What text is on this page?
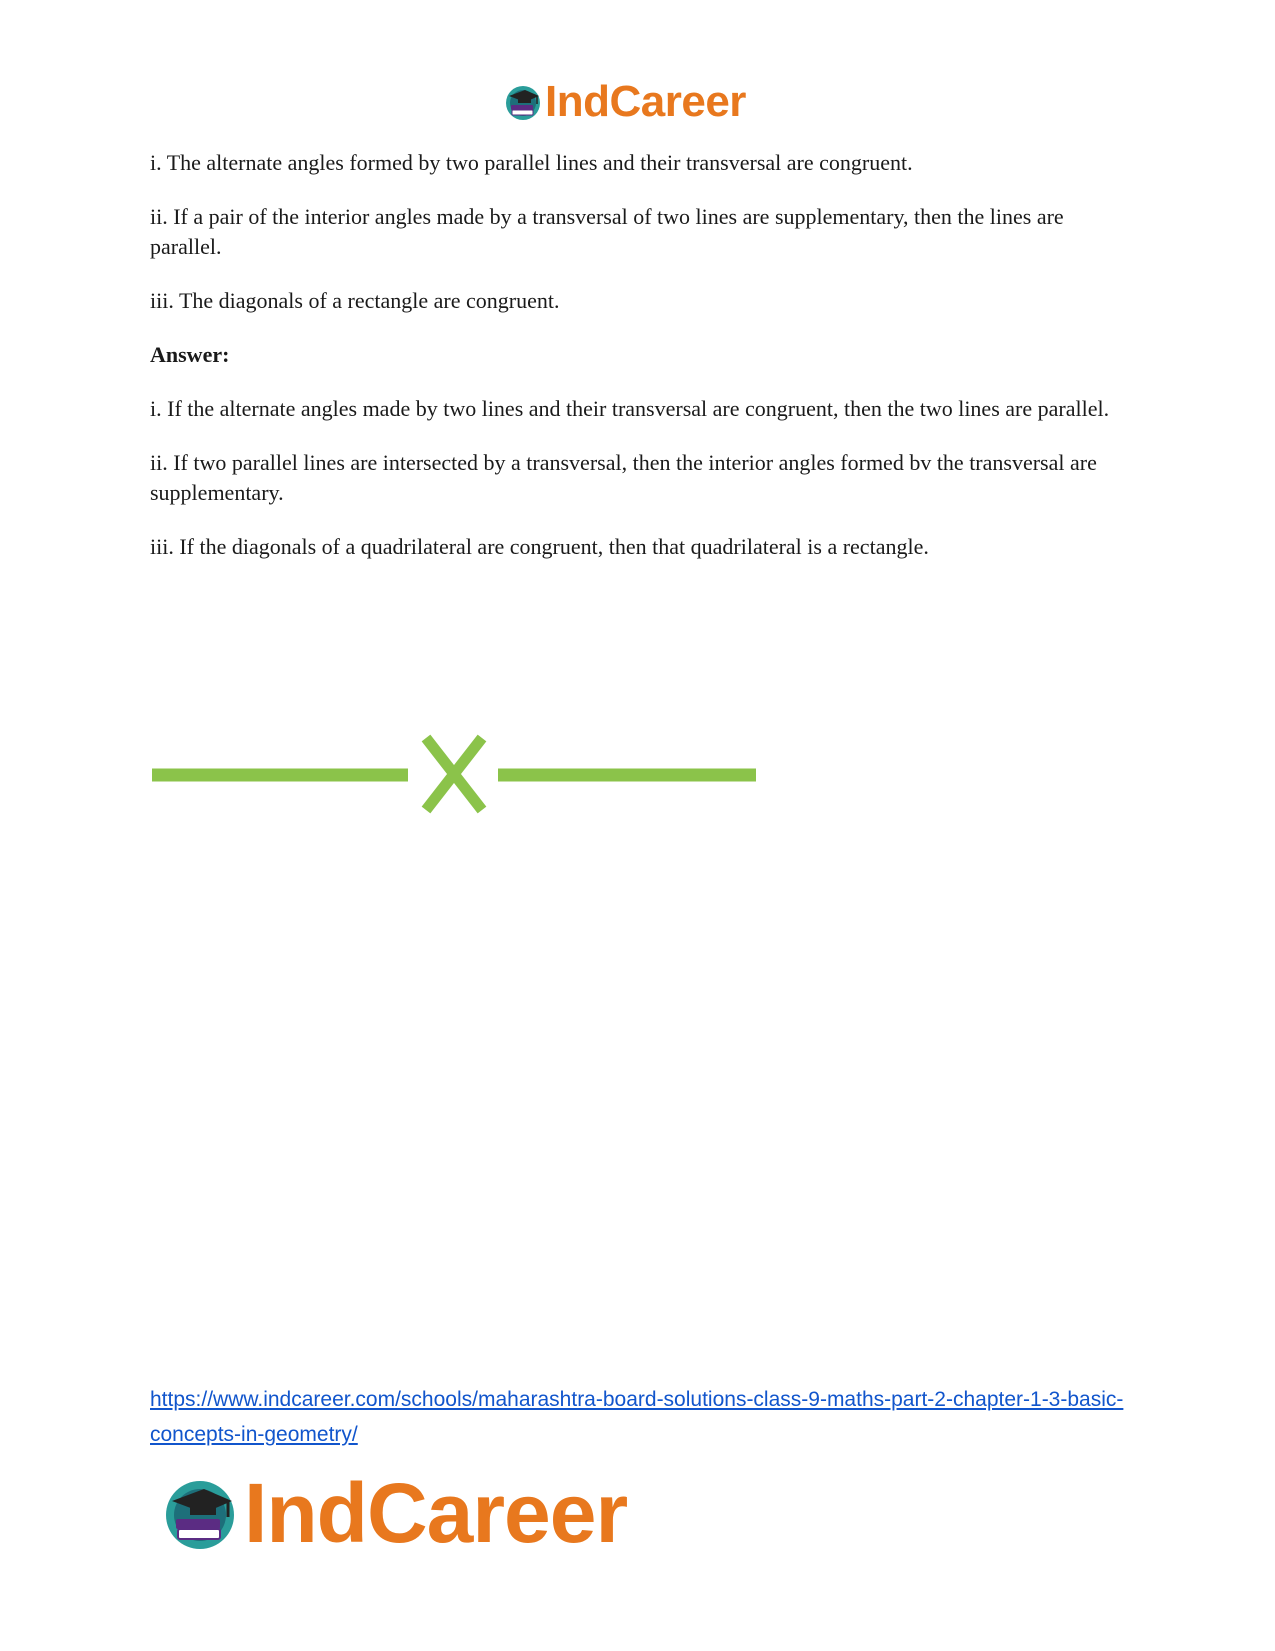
IndCareer

i. The alternate angles formed by two parallel lines and their transversal are congruent.

ii. If a pair of the interior angles made by a transversal of two lines are supplementary, then the lines are parallel.

iii. The diagonals of a rectangle are congruent.

Answer:

i. If the alternate angles made by two lines and their transversal are congruent, then the two lines are parallel.

ii. If two parallel lines are intersected by a transversal, then the interior angles formed bv the transversal are supplementary.

iii. If the diagonals of a quadrilateral are congruent, then that quadrilateral is a rectangle.

https://www.indcareer.com/schools/maharashtra-board-solutions-class-9-maths-part-2-chapter-1-3-basic-concepts-in-geometry/
IndCareer
